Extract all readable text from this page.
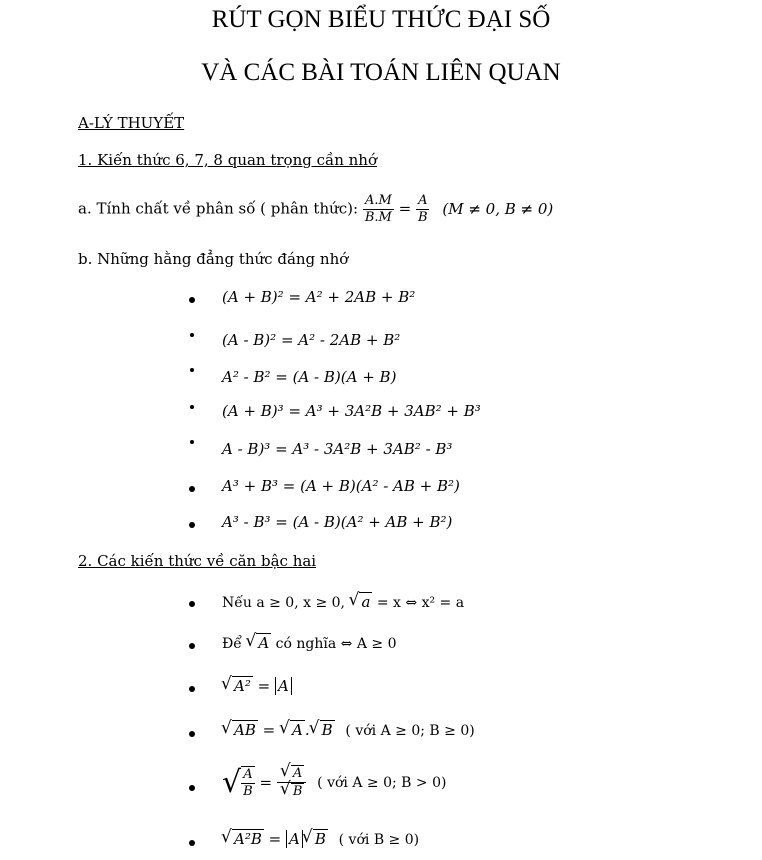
RÚT GỌN BIỂU THỨC ĐẠI SỐ
VÀ CÁC BÀI TOÁN LIÊN QUAN
A-LÝ THUYẾT
1. Kiến thức 6, 7, 8 quan trọng cần nhớ
a. Tính chất về phân số ( phân thức): $\frac{A.M}{B.M} = \frac{A}{B} (M \ne 0$, B ≠ 0)
b. Những hằng đẳng thức đáng nhớ
(A + B)² = A² + 2AB + B²
(A - B)² = A² - 2AB + B²
A² - B² = (A - B)(A + B)
(A + B)³ = A³ + 3A²B + 3AB² + B³
A - B)³ = A³ - 3A²B + 3AB² - B³
A³ + B³ = (A + B)(A² - AB + B²)
A³ - B³ = (A - B)(A² + AB + B²)
2. Các kiến thức về căn bậc hai
Nếu a ≥ 0, x ≥ 0, √ a = x ⇔ x² = a
Để √ A có nghĩa ⇔ A ≥ 0
√ A² = A
√ AB = √ A . √ B ( với A ≥ 0; B ≥ 0)
√ $\frac{A}{B}$ = √ A
√ B ( với A ≥ 0; B > 0)
√ A²B = A √ B ( với B ≥ 0)
